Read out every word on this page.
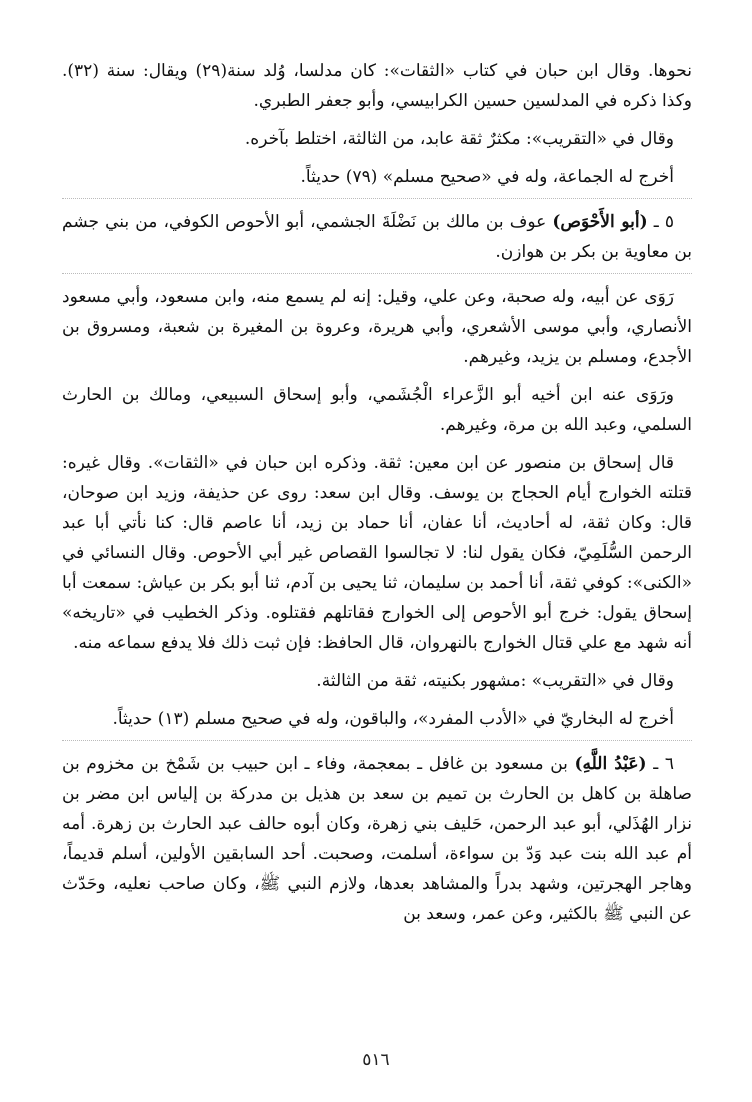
نحوها. وقال ابن حبان في كتاب «الثقات»: كان مدلسا، وُلد سنة(٢٩) ويقال: سنة (٣٢). وكذا ذكره في المدلسين حسين الكرابيسي، وأبو جعفر الطبري.

وقال في «التقريب»: مكثرٌ ثقة عابد، من الثالثة، اختلط بآخره.

أخرج له الجماعة، وله في «صحيح مسلم» (٧٩) حديثاً.

٥ ـ (أبو الأَحْوَص) عوف بن مالك بن نَضْلَةَ الجشمي، أبو الأحوص الكوفي، من بني جشم بن معاوية بن بكر بن هوازن.

رَوَى عن أبيه، وله صحبة، وعن علي، وقيل: إنه لم يسمع منه، وابن مسعود، وأبي مسعود الأنصاري، وأبي موسى الأشعري، وأبي هريرة، وعروة بن المغيرة بن شعبة، ومسروق بن الأجدع، ومسلم بن يزيد، وغيرهم.

ورَوَى عنه ابن أخيه أبو الزَّعراء الْجُشَمي، وأبو إسحاق السبيعي، ومالك بن الحارث السلمي، وعبد الله بن مرة، وغيرهم.

قال إسحاق بن منصور عن ابن معين: ثقة. وذكره ابن حبان في «الثقات». وقال غيره: قتلته الخوارج أيام الحجاج بن يوسف. وقال ابن سعد: روى عن حذيفة، وزيد ابن صوحان، قال: وكان ثقة، له أحاديث، أنا عفان، أنا حماد بن زيد، أنا عاصم قال: كنا نأتي أبا عبد الرحمن السُّلَمِيّ، فكان يقول لنا: لا تجالسوا القصاص غير أبي الأحوص. وقال النسائي في «الكنى»: كوفي ثقة، أنا أحمد بن سليمان، ثنا يحيى بن آدم، ثنا أبو بكر بن عياش: سمعت أبا إسحاق يقول: خرج أبو الأحوص إلى الخوارج فقاتلهم فقتلوه. وذكر الخطيب في «تاريخه» أنه شهد مع علي قتال الخوارج بالنهروان، قال الحافظ: فإن ثبت ذلك فلا يدفع سماعه منه.

وقال في «التقريب» :مشهور بكنيته، ثقة من الثالثة.

أخرج له البخاريّ في «الأدب المفرد»، والباقون، وله في صحيح مسلم (١٣) حديثاً.

٦ ـ (عَبْدُ اللَّهِ) بن مسعود بن غافل ـ بمعجمة، وفاء ـ ابن حبيب بن شَمْخ بن مخزوم بن صاهلة بن كاهل بن الحارث بن تميم بن سعد بن هذيل بن مدركة بن إلياس ابن مضر بن نزار الهُذَلي، أبو عبد الرحمن، حَليف بني زهرة، وكان أبوه حالف عبد الحارث بن زهرة. أمه أم عبد الله بنت عبد وَدّ بن سواءة، أسلمت، وصحبت. أحد السابقين الأولين، أسلم قديماً، وهاجر الهجرتين، وشهد بدراً والمشاهد بعدها، ولازم النبي ﷺ، وكان صاحب نعليه، وحَدّث عن النبي ﷺ بالكثير، وعن عمر، وسعد بن

٥١٦
